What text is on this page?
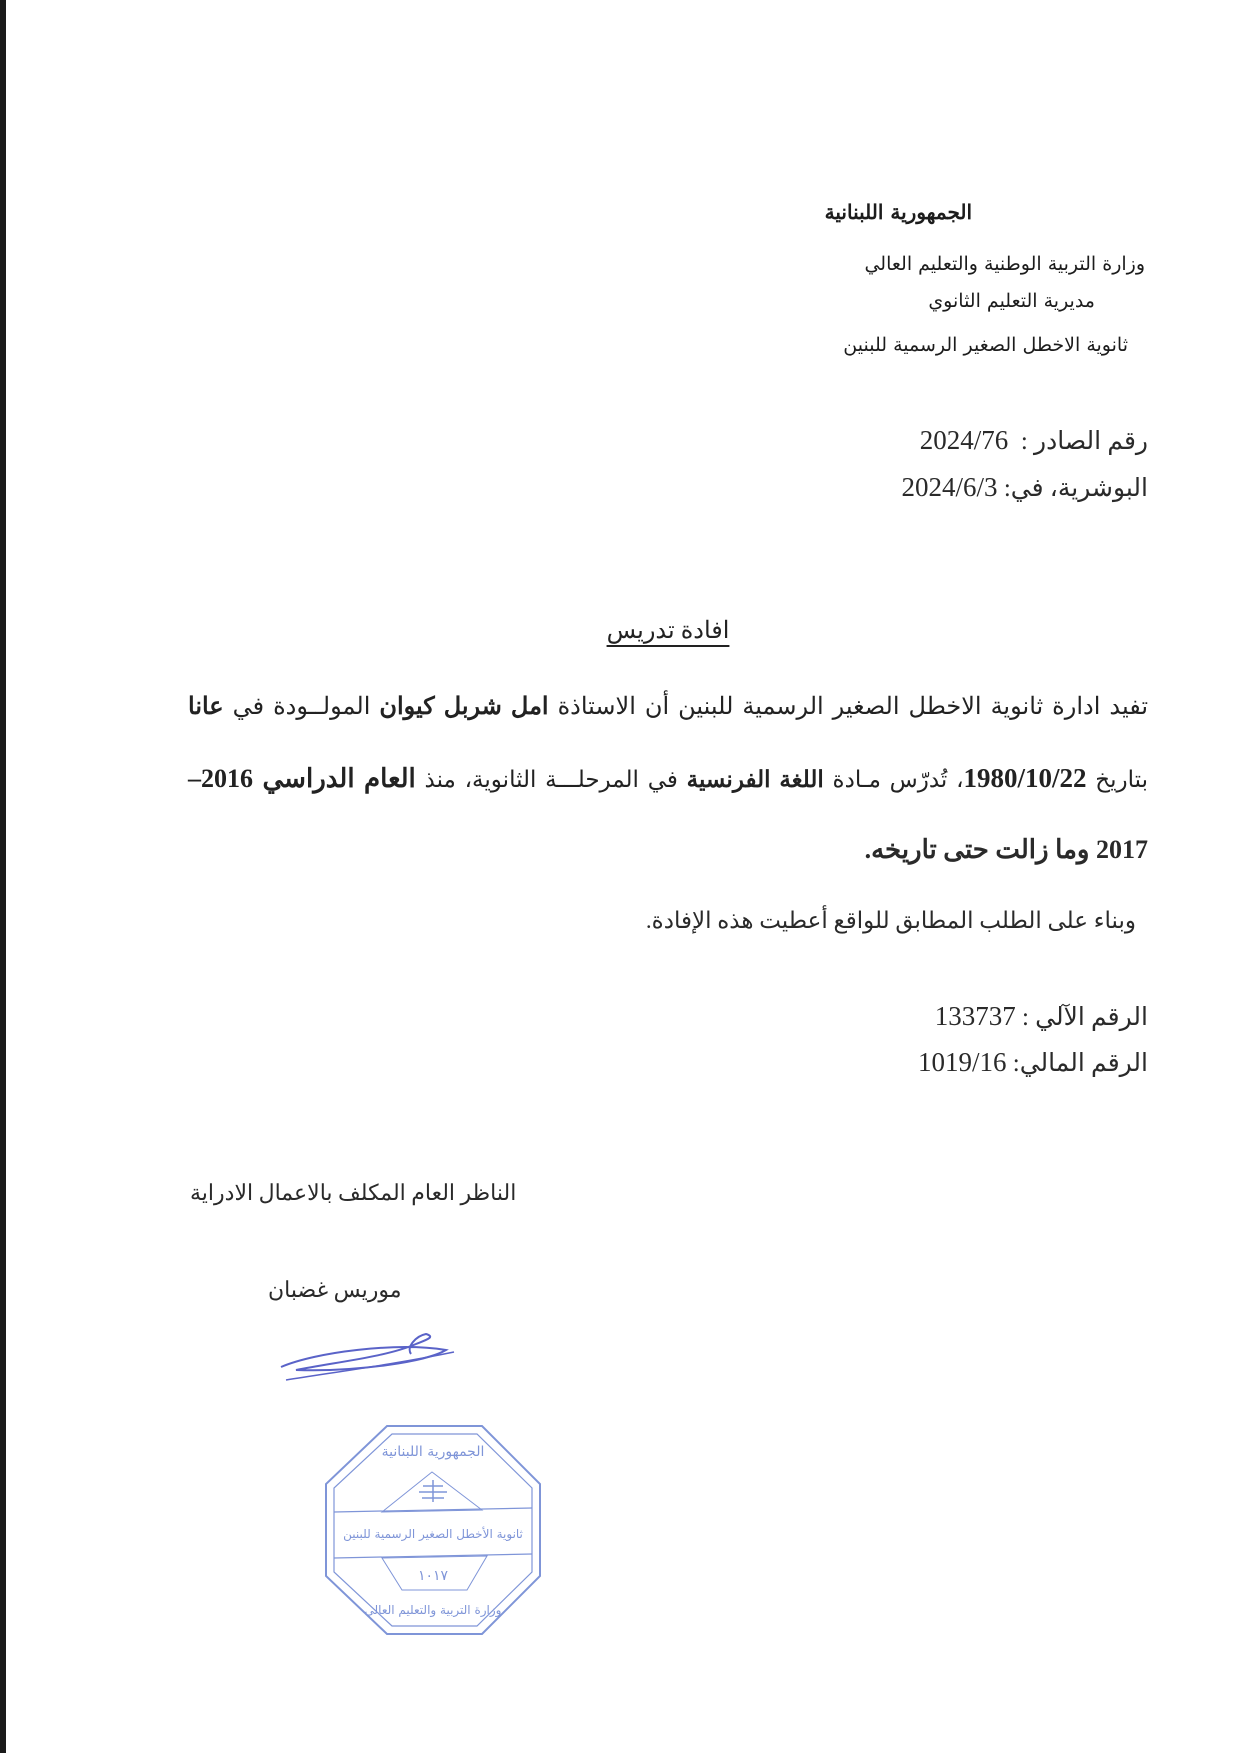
الجمهورية اللبنانية
وزارة التربية الوطنية والتعليم العالي
مديرية التعليم الثانوي
ثانوية الاخطل الصغير الرسمية للبنين
رقم الصادر :  2024/76
البوشرية، في: 2024/6/3
افادة تدريس
تفيد ادارة ثانوية الاخطل الصغير الرسمية للبنين أن الاستاذة امل شربل كيوان المولــودة في عانا
بتاريخ 1980/10/22، تُدرّس مـادة اللغة الفرنسية في المرحلـــة الثانوية، منذ العام الدراسي 2016–
2017 وما زالت حتى تاريخه.
وبناء على الطلب المطابق للواقع أعطيت هذه الإفادة.
الرقم الآلي : 133737
الرقم المالي: 1019/16
الناظر العام المكلف بالاعمال الادراية
موريس غضبان
ثانوية الأخطل الصغير الرسمية للبنين
١٠١٧
الجمهورية اللبنانية
وزارة التربية والتعليم العالي
